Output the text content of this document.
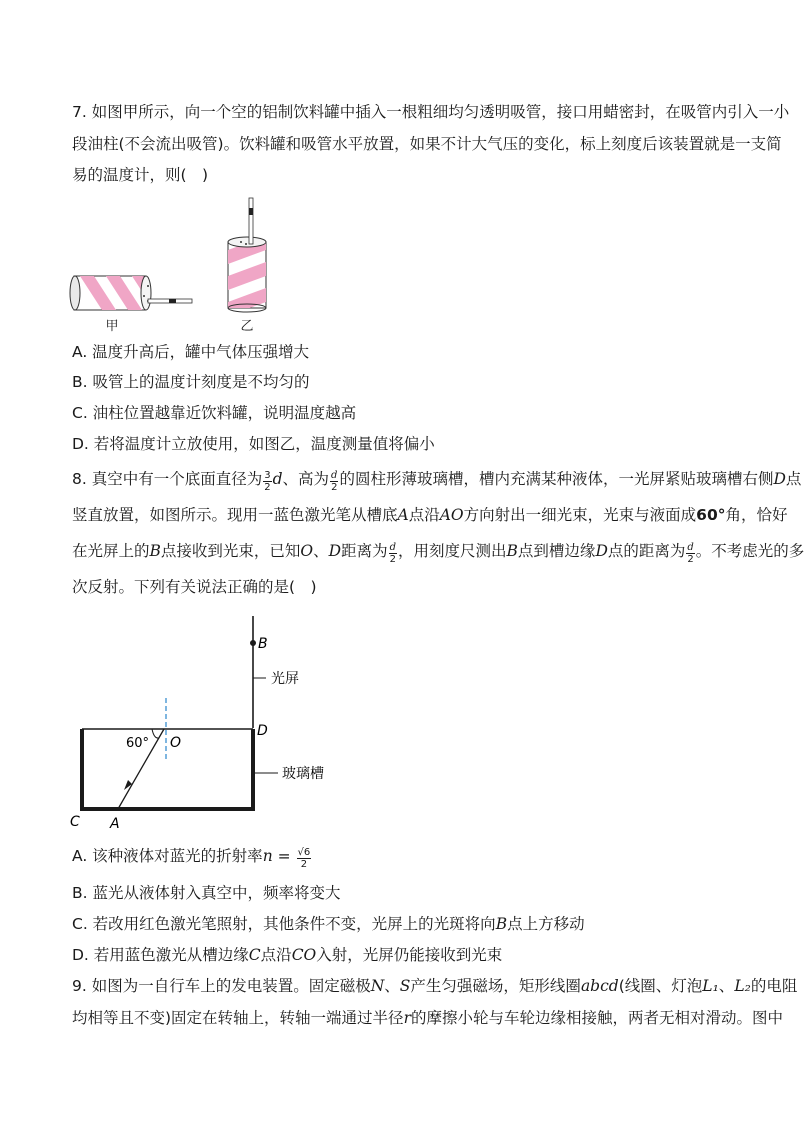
7. 如图甲所示，向一个空的铝制饮料罐中插入一根粗细均匀透明吸管，接口用蜡密封，在吸管内引入一小
段油柱(不会流出吸管)。饮料罐和吸管水平放置，如果不计大气压的变化，标上刻度后该装置就是一支简
易的温度计，则(　)
甲	乙
A. 温度升高后，罐中气体压强增大
B. 吸管上的温度计刻度是不均匀的
C. 油柱位置越靠近饮料罐，说明温度越高
D. 若将温度计立放使用，如图乙，温度测量值将偏小
8. 真空中有一个底面直径为 $\frac{3}{2}$ d、高为 $\frac{d}{2}$ 的圆柱形薄玻璃槽，槽内充满某种液体，一光屏紧贴玻璃槽右侧D点
竖直放置，如图所示。现用一蓝色激光笔从槽底A点沿AO方向射出一细光束，光束与液面成60°角，恰好
在光屏上的B点接收到光束，已知O、D距离为 $\frac{d}{2}$ ，用刻度尺测出B点到槽边缘D点的距离为 $\frac{d}{2}$ 。不考虑光的多
次反射。下列有关说法正确的是(　)
B
光屏
D
玻璃槽
60° O
C A
A. 该种液体对蓝光的折射率$n = \frac{√6}{2}$
B. 蓝光从液体射入真空中，频率将变大
C. 若改用红色激光笔照射，其他条件不变，光屏上的光斑将向B点上方移动
D. 若用蓝色激光从槽边缘C点沿CO入射，光屏仍能接收到光束
9. 如图为一自行车上的发电装置。固定磁极N、S产生匀强磁场，矩形线圈abcd(线圈、灯泡L₁、L₂的电阻
均相等且不变)固定在转轴上，转轴一端通过半径r的摩擦小轮与车轮边缘相接触，两者无相对滑动。图中
